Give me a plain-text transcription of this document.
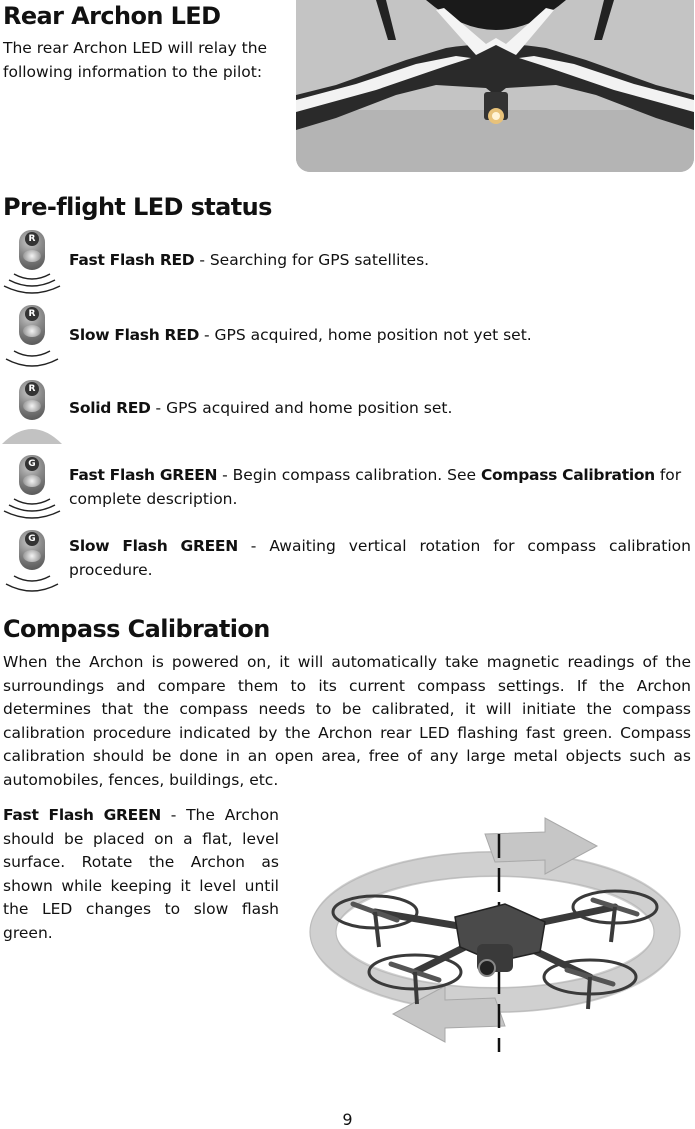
Rear Archon LED

The rear Archon LED will relay the following information to the pilot:

Pre-flight LED status
R

Fast Flash RED - Searching for GPS satellites.

R

Slow Flash RED - GPS acquired, home position not yet set.

R

Solid RED - GPS acquired and home position set.

G

Fast Flash GREEN - Begin compass calibration. See Compass Calibration for complete description.

G Slow Flash GREEN - Awaiting vertical rotation for compass calibration procedure.

Compass Calibration

When the Archon is powered on, it will automatically take magnetic readings of the surroundings and compare them to its current compass settings. If the Archon determines that the compass needs to be calibrated, it will initiate the compass calibration procedure indicated by the Archon rear LED flashing fast green. Compass calibration should be done in an open area, free of any large metal objects such as automobiles, fences, buildings, etc.

Fast Flash GREEN - The Archon should be placed on a flat, level surface. Rotate the Archon as shown while keeping it level until the LED changes to slow flash green.

9
